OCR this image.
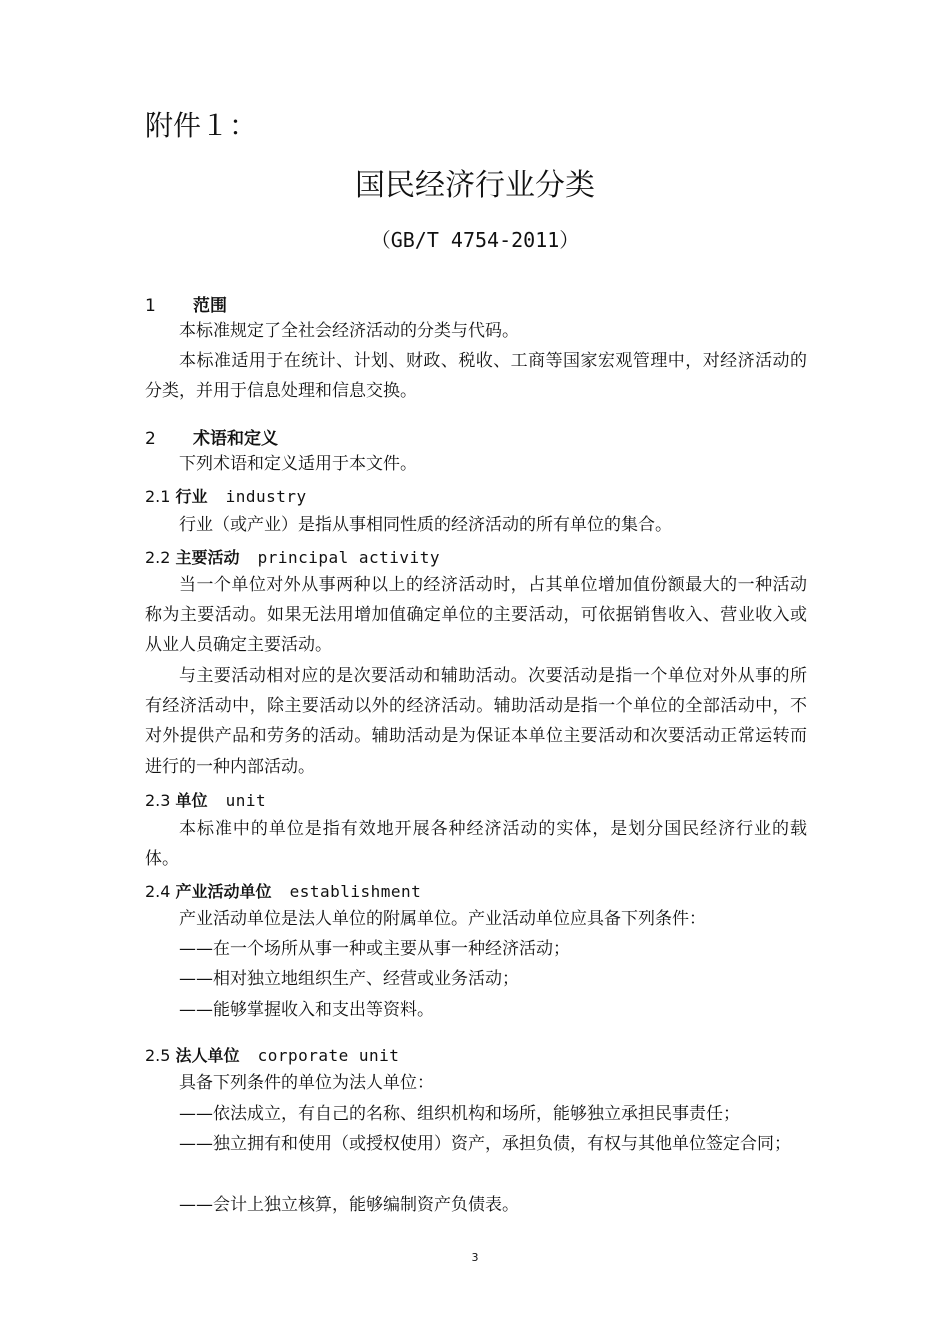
附件１：
国民经济行业分类
（GB/T 4754-2011）
1 范围
本标准规定了全社会经济活动的分类与代码。
本标准适用于在统计、计划、财政、税收、工商等国家宏观管理中，对经济活动的分类，并用于信息处理和信息交换。
2 术语和定义
下列术语和定义适用于本文件。
2.1 行业 industry
行业（或产业）是指从事相同性质的经济活动的所有单位的集合。
2.2 主要活动 principal activity
当一个单位对外从事两种以上的经济活动时，占其单位增加值份额最大的一种活动称为主要活动。如果无法用增加值确定单位的主要活动，可依据销售收入、营业收入或从业人员确定主要活动。
与主要活动相对应的是次要活动和辅助活动。次要活动是指一个单位对外从事的所有经济活动中，除主要活动以外的经济活动。辅助活动是指一个单位的全部活动中，不对外提供产品和劳务的活动。辅助活动是为保证本单位主要活动和次要活动正常运转而进行的一种内部活动。
2.3 单位 unit
本标准中的单位是指有效地开展各种经济活动的实体，是划分国民经济行业的载体。
2.4 产业活动单位 establishment
产业活动单位是法人单位的附属单位。产业活动单位应具备下列条件：
——在一个场所从事一种或主要从事一种经济活动；
——相对独立地组织生产、经营或业务活动；
——能够掌握收入和支出等资料。
2.5 法人单位 corporate unit
具备下列条件的单位为法人单位：
——依法成立，有自己的名称、组织机构和场所，能够独立承担民事责任；
——独立拥有和使用（或授权使用）资产，承担负债，有权与其他单位签定合同；
——会计上独立核算，能够编制资产负债表。
3
